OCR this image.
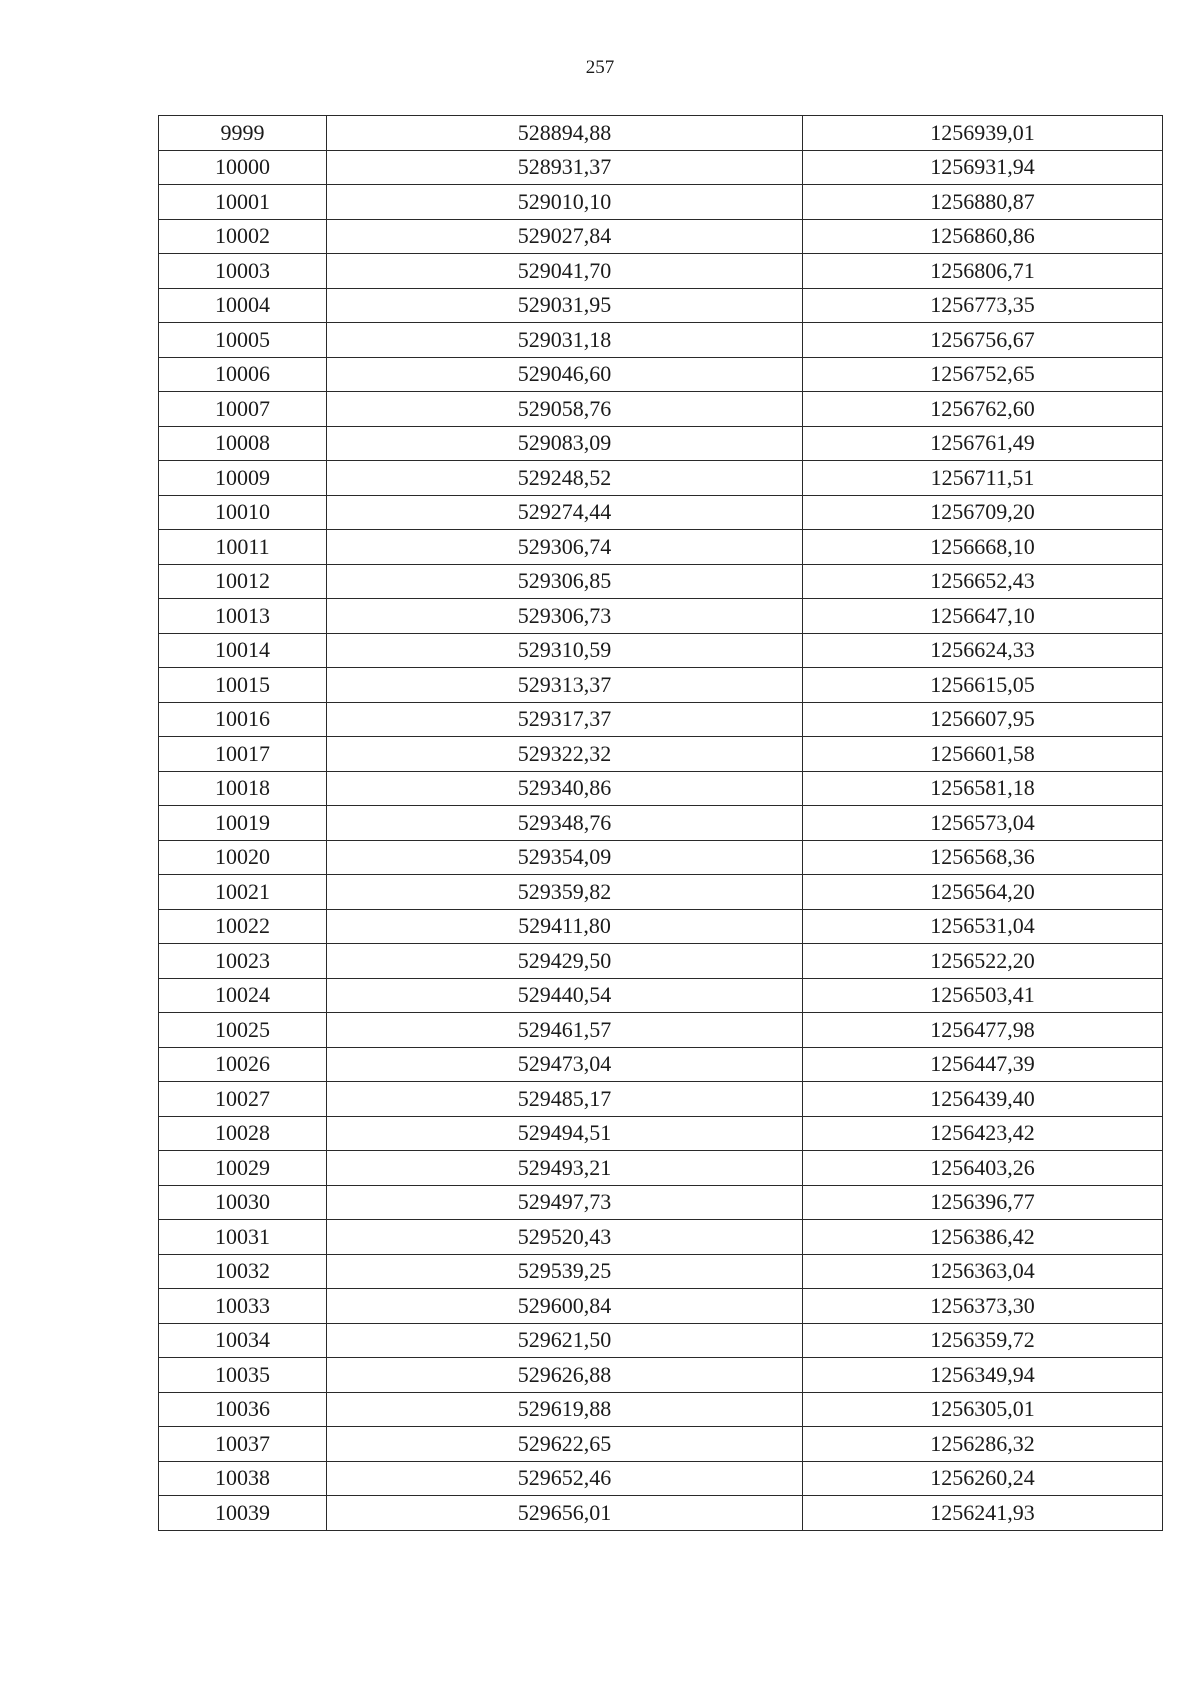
257
9999	528894,88	1256939,01
10000	528931,37	1256931,94
10001	529010,10	1256880,87
10002	529027,84	1256860,86
10003	529041,70	1256806,71
10004	529031,95	1256773,35
10005	529031,18	1256756,67
10006	529046,60	1256752,65
10007	529058,76	1256762,60
10008	529083,09	1256761,49
10009	529248,52	1256711,51
10010	529274,44	1256709,20
10011	529306,74	1256668,10
10012	529306,85	1256652,43
10013	529306,73	1256647,10
10014	529310,59	1256624,33
10015	529313,37	1256615,05
10016	529317,37	1256607,95
10017	529322,32	1256601,58
10018	529340,86	1256581,18
10019	529348,76	1256573,04
10020	529354,09	1256568,36
10021	529359,82	1256564,20
10022	529411,80	1256531,04
10023	529429,50	1256522,20
10024	529440,54	1256503,41
10025	529461,57	1256477,98
10026	529473,04	1256447,39
10027	529485,17	1256439,40
10028	529494,51	1256423,42
10029	529493,21	1256403,26
10030	529497,73	1256396,77
10031	529520,43	1256386,42
10032	529539,25	1256363,04
10033	529600,84	1256373,30
10034	529621,50	1256359,72
10035	529626,88	1256349,94
10036	529619,88	1256305,01
10037	529622,65	1256286,32
10038	529652,46	1256260,24
10039	529656,01	1256241,93
